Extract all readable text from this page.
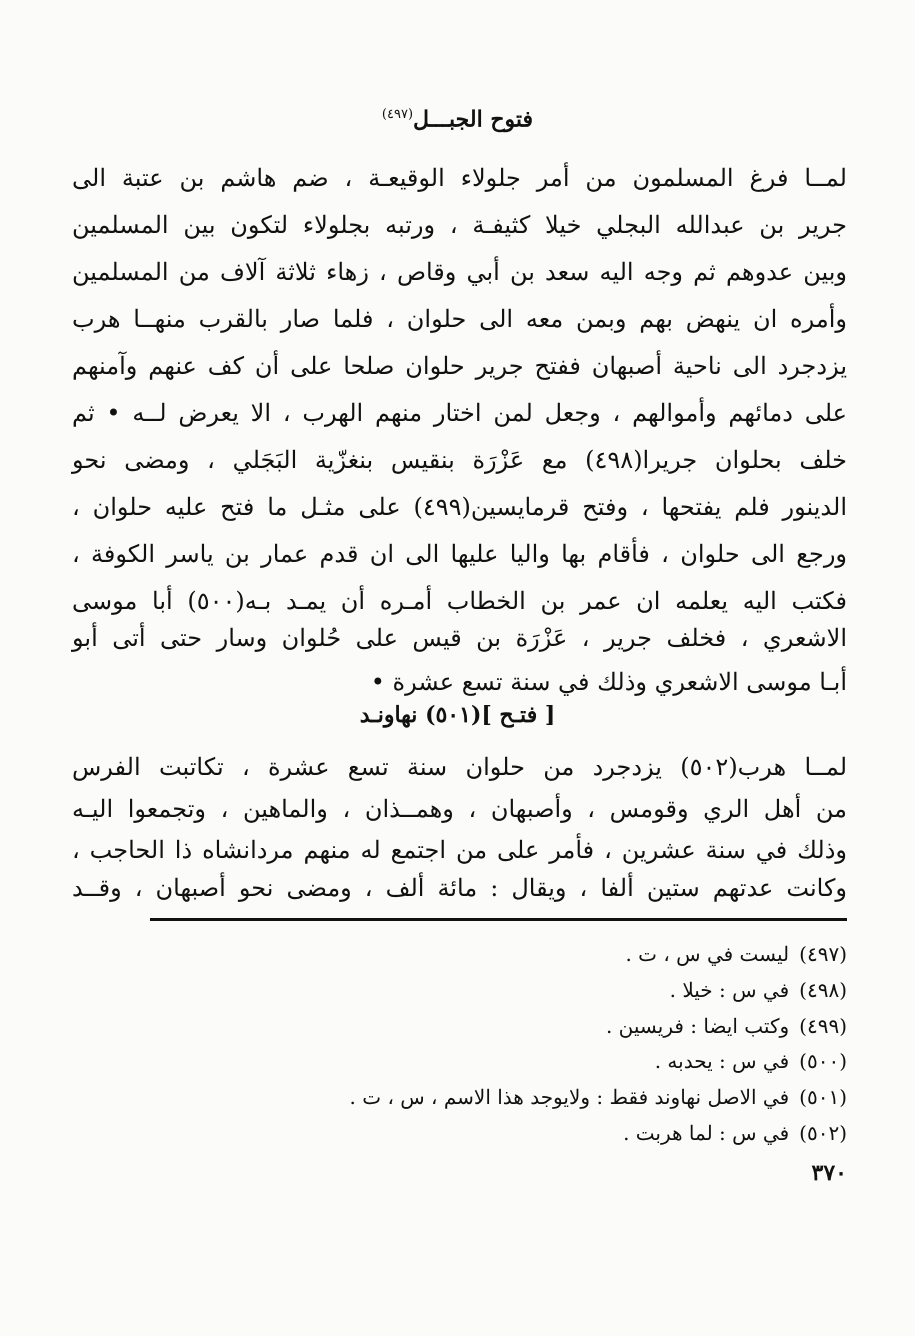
فتوح الجبـــل$^{(٤٩٧)}$
لمــا فرغ المسلمون من أمر جلولاء الوقيعـة ، ضم هاشم بن عتبة الى
جرير بن عبدالله البجلي خيلا كثيفـة ، ورتبه بجلولاء لتكون بين المسلمين
وبين عدوهم ثم وجه اليه سعد بن أبي وقاص ، زهاء ثلاثة آلاف من المسلمين
وأمره ان ينهض بهم وبمن معه الى حلوان ، فلما صار بالقرب منهــا هرب
يزدجرد الى ناحية أصبهان ففتح جرير حلوان صلحا على أن كف عنهم وآمنهم
على دمائهم وأموالهم ، وجعل لمن اختار منهم الهرب ، الا يعرض لــه • ثم
خلف بحلوان جريرا(٤٩٨) مع عَزْرَة بنقيس بنغزّية البَجَلي ، ومضى نحو
الدينور فلم يفتحها ، وفتح قرمايسين(٤٩٩) على مثـل ما فتح عليه حلوان ،
ورجع الى حلوان ، فأقام بها واليا عليها الى ان قدم عمار بن ياسر الكوفة ،
فكتب اليه يعلمه ان عمر بن الخطاب أمـره أن يمـد بـه(٥٠٠) أبا موسى
الاشعري ، فخلف جرير ، عَزْرَة بن قيس على حُلوان وسار حتى أتى أبو
أبـا موسى الاشعري وذلك في سنة تسع عشرة •
[ فتـح ](٥٠١) نهاونـد
لمــا هرب(٥٠٢) يزدجرد من حلوان سنة تسع عشرة ، تكاتبت الفرس
من أهل الري وقومس ، وأصبهان ، وهمــذان ، والماهين ، وتجمعوا اليـه
وذلك في سنة عشرين ، فأمر على من اجتمع له منهم مردانشاه ذا الحاجب ،
وكانت عدتهم ستين ألفا ، ويقال : مائة ألف ، ومضى نحو أصبهان ، وقــد
(٤٩٧)ليست في س ، ت .
(٤٩٨)في س : خيلا .
(٤٩٩)وكتب ايضا : فريسين .
(٥٠٠)في س : يحدبه .
(٥٠١)في الاصل نهاوند فقط : ولايوجد هذا الاسم ، س ، ت .
(٥٠٢)في س : لما هربت .
٣٧٠
